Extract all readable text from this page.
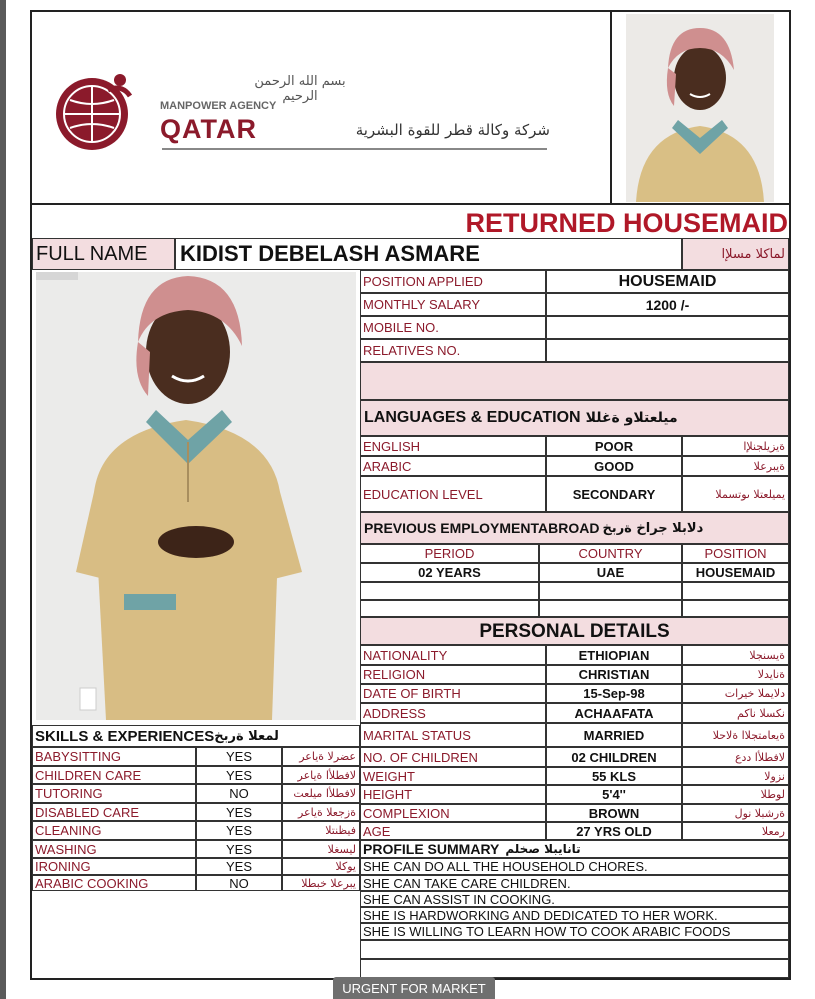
بسم الله الرحمن الرحيم
MANPOWER AGENCY
QATAR	شركة وكالة قطر للقوة البشرية
RETURNED HOUSEMAID
FULL NAME	KIDIST DEBELASH ASMARE	لماكلا مسلإا
POSITION APPLIED	HOUSEMAID
MONTHLY SALARY	1200 /-
MOBILE NO.
RELATIVES NO.
LANGUAGES & EDUCATION ميلعتلاو ةغللا
ENGLISH	POOR	ةيزيلجنلإا
ARABIC	GOOD	ةيبرعلا
EDUCATION LEVEL	SECONDARY	يميلعتلا ىوتسملا
PREVIOUS EMPLOYMENTABROAD دلابلا جراخ ةربخ
PERIOD	COUNTRY	POSITION
02 YEARS	UAE	HOUSEMAID
PERSONAL DETAILS
NATIONALITY	ETHIOPIAN	ةيسنجلا
RELIGION	CHRISTIAN	ةنايدلا
DATE OF BIRTH	15-Sep-98	دلايملا خيرات
ADDRESS	ACHAAFATA	نكسلا ناكم
MARITAL STATUS	MARRIED	ةيعامتجلاا ةلاحلا
NO. OF CHILDREN	02 CHILDREN	لافطلأا ددع
WEIGHT	55 KLS	نزولا
HEIGHT	5'4''	لوطلا
COMPLEXION	BROWN	ةرشبلا نول
AGE	27 YRS OLD	رمعلا
SKILLS & EXPERIENCES لمعلا ةربخ
BABYSITTING	YES	عضرلا ةياعر
CHILDREN CARE	YES	لافطلأا ةياعر
TUTORING	NO	لافطلأا ميلعت
DISABLED CARE	YES	ةزجعلا ةياعر
CLEANING	YES	فيظنتلا
WASHING	YES	ليسغلا
IRONING	YES	يوكلا
ARABIC COOKING	NO	يبرعلا خبطلا
PROFILE SUMMARY تانايبلا صخلم
SHE CAN DO ALL THE HOUSEHOLD CHORES.
SHE CAN TAKE CARE CHILDREN.
SHE CAN ASSIST IN COOKING.
SHE IS HARDWORKING AND DEDICATED TO HER WORK.
SHE IS WILLING TO LEARN HOW TO COOK ARABIC FOODS
URGENT FOR MARKET
